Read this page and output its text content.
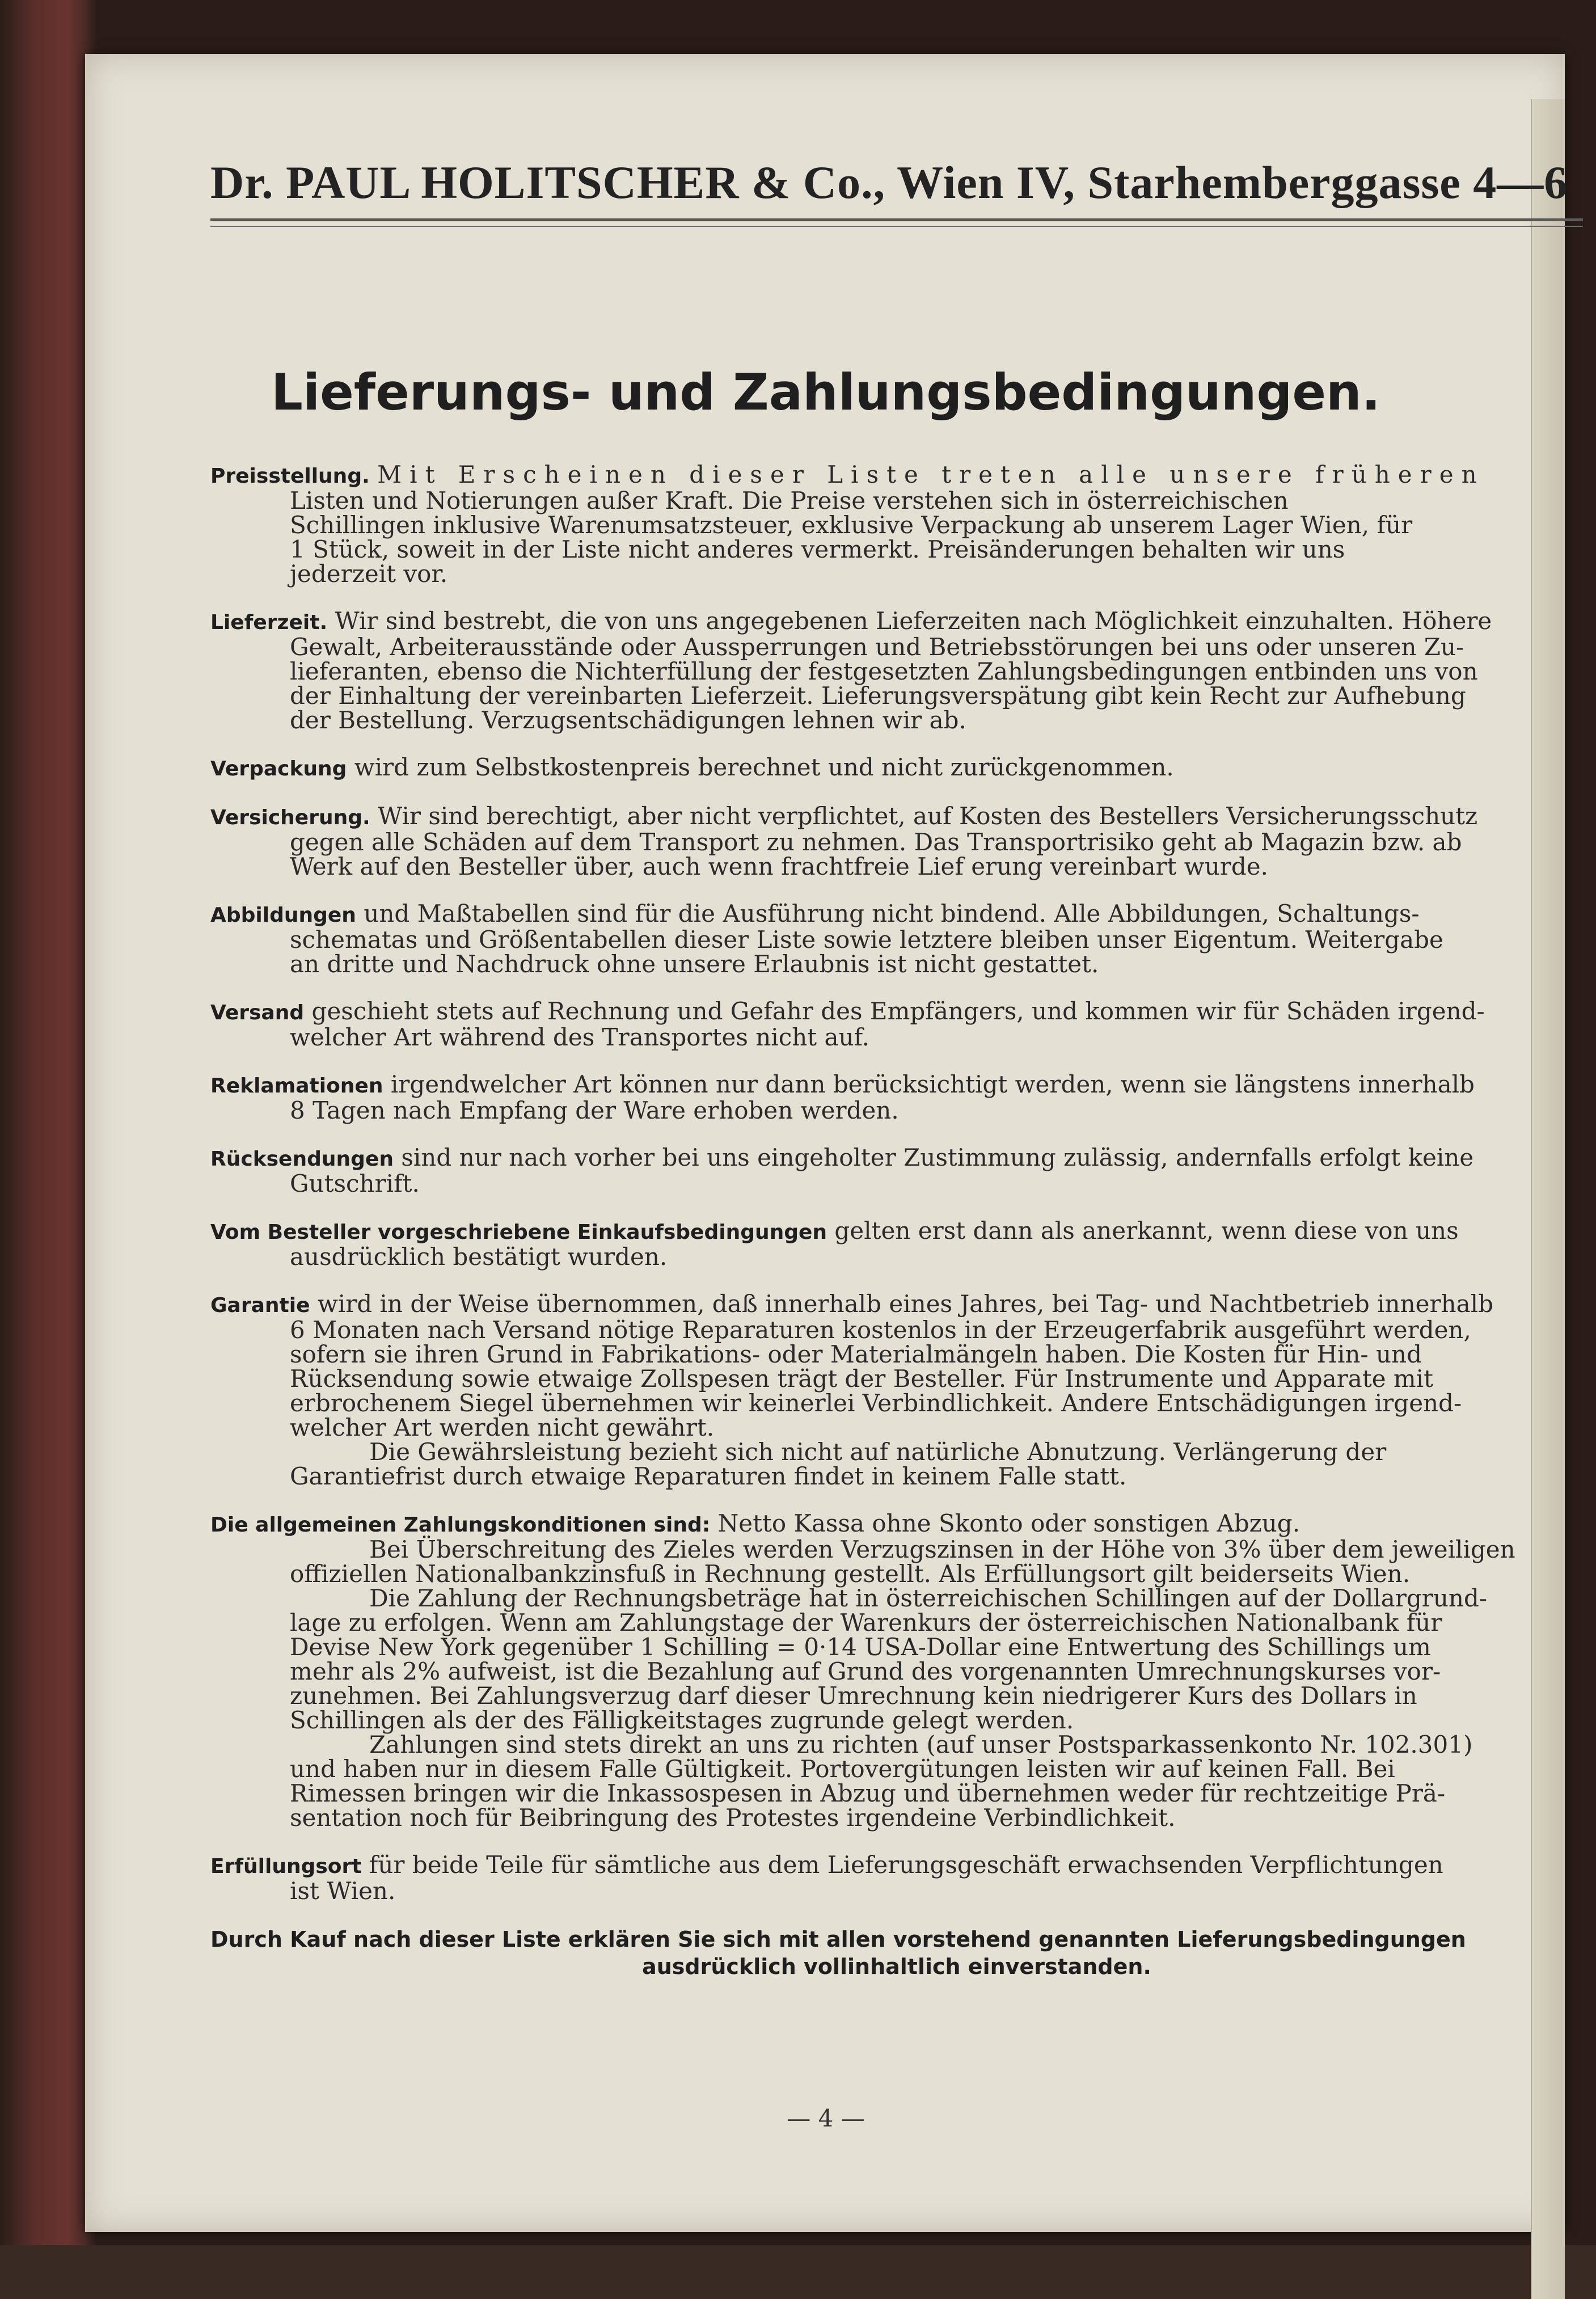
Dr. PAUL HOLITSCHER & Co., Wien IV, Starhemberggasse 4—6
Lieferungs- und Zahlungsbedingungen.
Preisstellung. Mit Erscheinen dieser Liste treten alle unsere früheren
Listen und Notierungen außer Kraft. Die Preise verstehen sich in österreichischen
Schillingen inklusive Warenumsatzsteuer, exklusive Verpackung ab unserem Lager Wien, für
1 Stück, soweit in der Liste nicht anderes vermerkt. Preisänderungen behalten wir uns
jederzeit vor.
Lieferzeit. Wir sind bestrebt, die von uns angegebenen Lieferzeiten nach Möglichkeit einzuhalten. Höhere
Gewalt, Arbeiterausstände oder Aussperrungen und Betriebsstörungen bei uns oder unseren Zu-
lieferanten, ebenso die Nichterfüllung der festgesetzten Zahlungsbedingungen entbinden uns von
der Einhaltung der vereinbarten Lieferzeit. Lieferungsverspätung gibt kein Recht zur Aufhebung
der Bestellung. Verzugsentschädigungen lehnen wir ab.
Verpackung wird zum Selbstkostenpreis berechnet und nicht zurückgenommen.
Versicherung. Wir sind berechtigt, aber nicht verpflichtet, auf Kosten des Bestellers Versicherungsschutz
gegen alle Schäden auf dem Transport zu nehmen. Das Transportrisiko geht ab Magazin bzw. ab
Werk auf den Besteller über, auch wenn frachtfreie Lief erung vereinbart wurde.
Abbildungen und Maßtabellen sind für die Ausführung nicht bindend. Alle Abbildungen, Schaltungs-
schematas und Größentabellen dieser Liste sowie letztere bleiben unser Eigentum. Weitergabe
an dritte und Nachdruck ohne unsere Erlaubnis ist nicht gestattet.
Versand geschieht stets auf Rechnung und Gefahr des Empfängers, und kommen wir für Schäden irgend-
welcher Art während des Transportes nicht auf.
Reklamationen irgendwelcher Art können nur dann berücksichtigt werden, wenn sie längstens innerhalb
8 Tagen nach Empfang der Ware erhoben werden.
Rücksendungen sind nur nach vorher bei uns eingeholter Zustimmung zulässig, andernfalls erfolgt keine
Gutschrift.
Vom Besteller vorgeschriebene Einkaufsbedingungen gelten erst dann als anerkannt, wenn diese von uns
ausdrücklich bestätigt wurden.
Garantie wird in der Weise übernommen, daß innerhalb eines Jahres, bei Tag- und Nachtbetrieb innerhalb
6 Monaten nach Versand nötige Reparaturen kostenlos in der Erzeugerfabrik ausgeführt werden,
sofern sie ihren Grund in Fabrikations- oder Materialmängeln haben. Die Kosten für Hin- und
Rücksendung sowie etwaige Zollspesen trägt der Besteller. Für Instrumente und Apparate mit
erbrochenem Siegel übernehmen wir keinerlei Verbindlichkeit. Andere Entschädigungen irgend-
welcher Art werden nicht gewährt.
Die Gewährsleistung bezieht sich nicht auf natürliche Abnutzung. Verlängerung der
Garantiefrist durch etwaige Reparaturen findet in keinem Falle statt.
Die allgemeinen Zahlungskonditionen sind: Netto Kassa ohne Skonto oder sonstigen Abzug.
Bei Überschreitung des Zieles werden Verzugszinsen in der Höhe von 3% über dem jeweiligen
offiziellen Nationalbankzinsfuß in Rechnung gestellt. Als Erfüllungsort gilt beiderseits Wien.
Die Zahlung der Rechnungsbeträge hat in österreichischen Schillingen auf der Dollargrund-
lage zu erfolgen. Wenn am Zahlungstage der Warenkurs der österreichischen Nationalbank für
Devise New York gegenüber 1 Schilling = 0·14 USA-Dollar eine Entwertung des Schillings um
mehr als 2% aufweist, ist die Bezahlung auf Grund des vorgenannten Umrechnungskurses vor-
zunehmen. Bei Zahlungsverzug darf dieser Umrechnung kein niedrigerer Kurs des Dollars in
Schillingen als der des Fälligkeitstages zugrunde gelegt werden.
Zahlungen sind stets direkt an uns zu richten (auf unser Postsparkassenkonto Nr. 102.301)
und haben nur in diesem Falle Gültigkeit. Portovergütungen leisten wir auf keinen Fall. Bei
Rimessen bringen wir die Inkassospesen in Abzug und übernehmen weder für rechtzeitige Prä-
sentation noch für Beibringung des Protestes irgendeine Verbindlichkeit.
Erfüllungsort für beide Teile für sämtliche aus dem Lieferungsgeschäft erwachsenden Verpflichtungen
ist Wien.
Durch Kauf nach dieser Liste erklären Sie sich mit allen vorstehend genannten Lieferungsbedingungen
ausdrücklich vollinhaltlich einverstanden.
— 4 —
